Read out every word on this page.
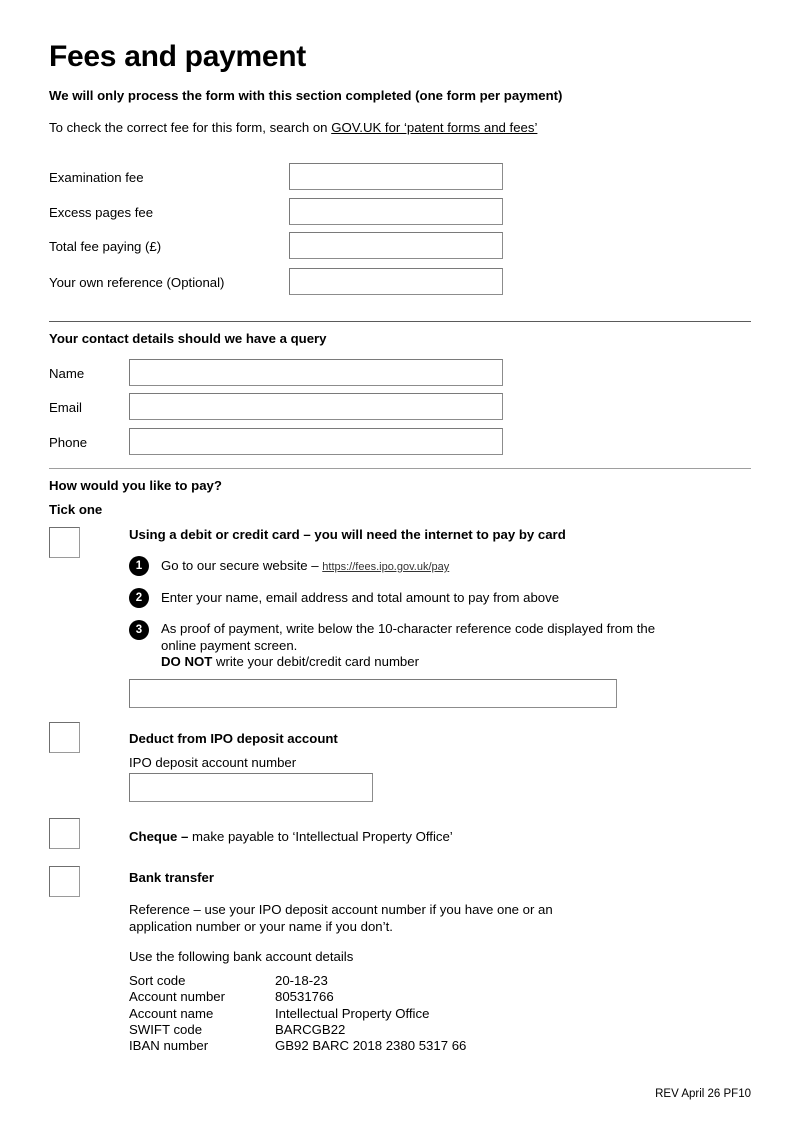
Fees and payment
We will only process the form with this section completed (one form per payment)
To check the correct fee for this form, search on GOV.UK for ‘patent forms and fees’
Examination fee
Excess pages fee
Total fee paying (£)
Your own reference (Optional)
Your contact details should we have a query
Name
Email
Phone
How would you like to pay?
Tick one
Using a debit or credit card – you will need the internet to pay by card
1	Go to our secure website – https://fees.ipo.gov.uk/pay
2	Enter your name, email address and total amount to pay from above
3	As proof of payment, write below the 10-character reference code displayed from the
online payment screen.
DO NOT write your debit/credit card number
Deduct from IPO deposit account
IPO deposit account number
Cheque – make payable to ‘Intellectual Property Office’
Bank transfer
Reference – use your IPO deposit account number if you have one or an
application number or your name if you don’t.
Use the following bank account details
Sort code	20-18-23
Account number	80531766
Account name	Intellectual Property Office
SWIFT code	BARCGB22
IBAN number	GB92 BARC 2018 2380 5317 66
REV April 26 PF10
